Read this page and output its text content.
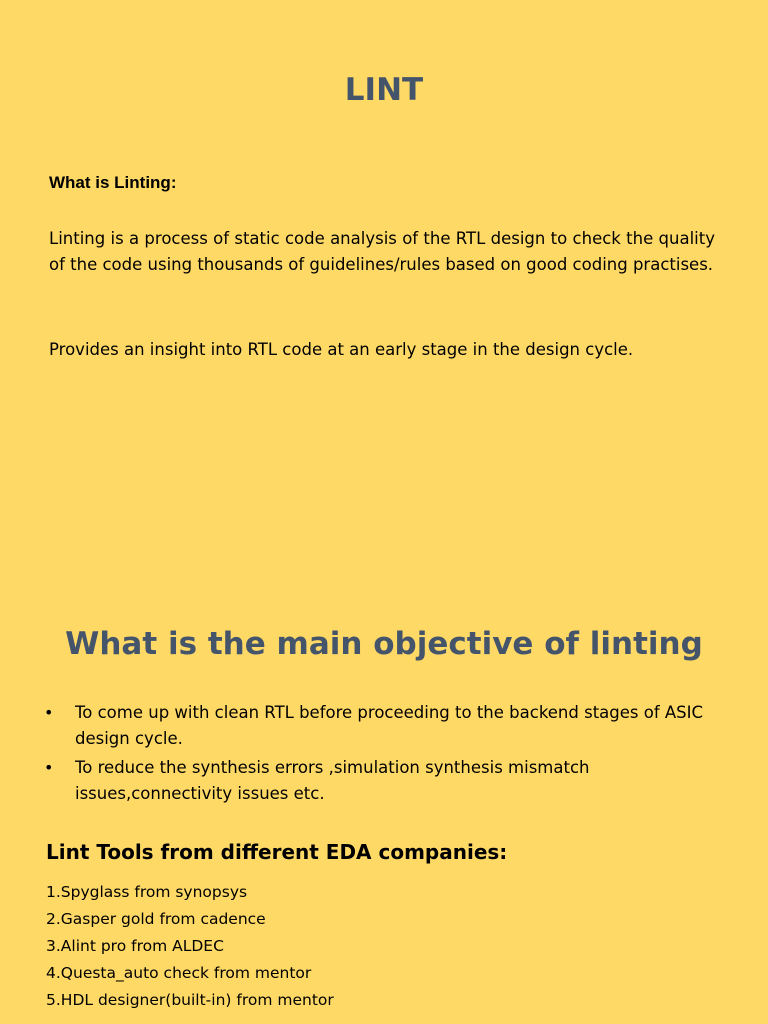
LINT
What is Linting:

Linting is a process of static code analysis of the RTL design to check the quality of the code using thousands of guidelines/rules based on good coding practises.

Provides an insight into RTL code at an early stage in the design cycle.

What is the main objective of linting
• To come up with clean RTL before proceeding to the backend stages of ASIC design cycle.
• To reduce the synthesis errors ,simulation synthesis mismatch issues,connectivity issues etc.
Lint Tools from different EDA companies:
1.Spyglass from synopsys
2.Gasper gold from cadence
3.Alint pro from ALDEC
4.Questa_auto check from mentor
5.HDL designer(built-in) from mentor
